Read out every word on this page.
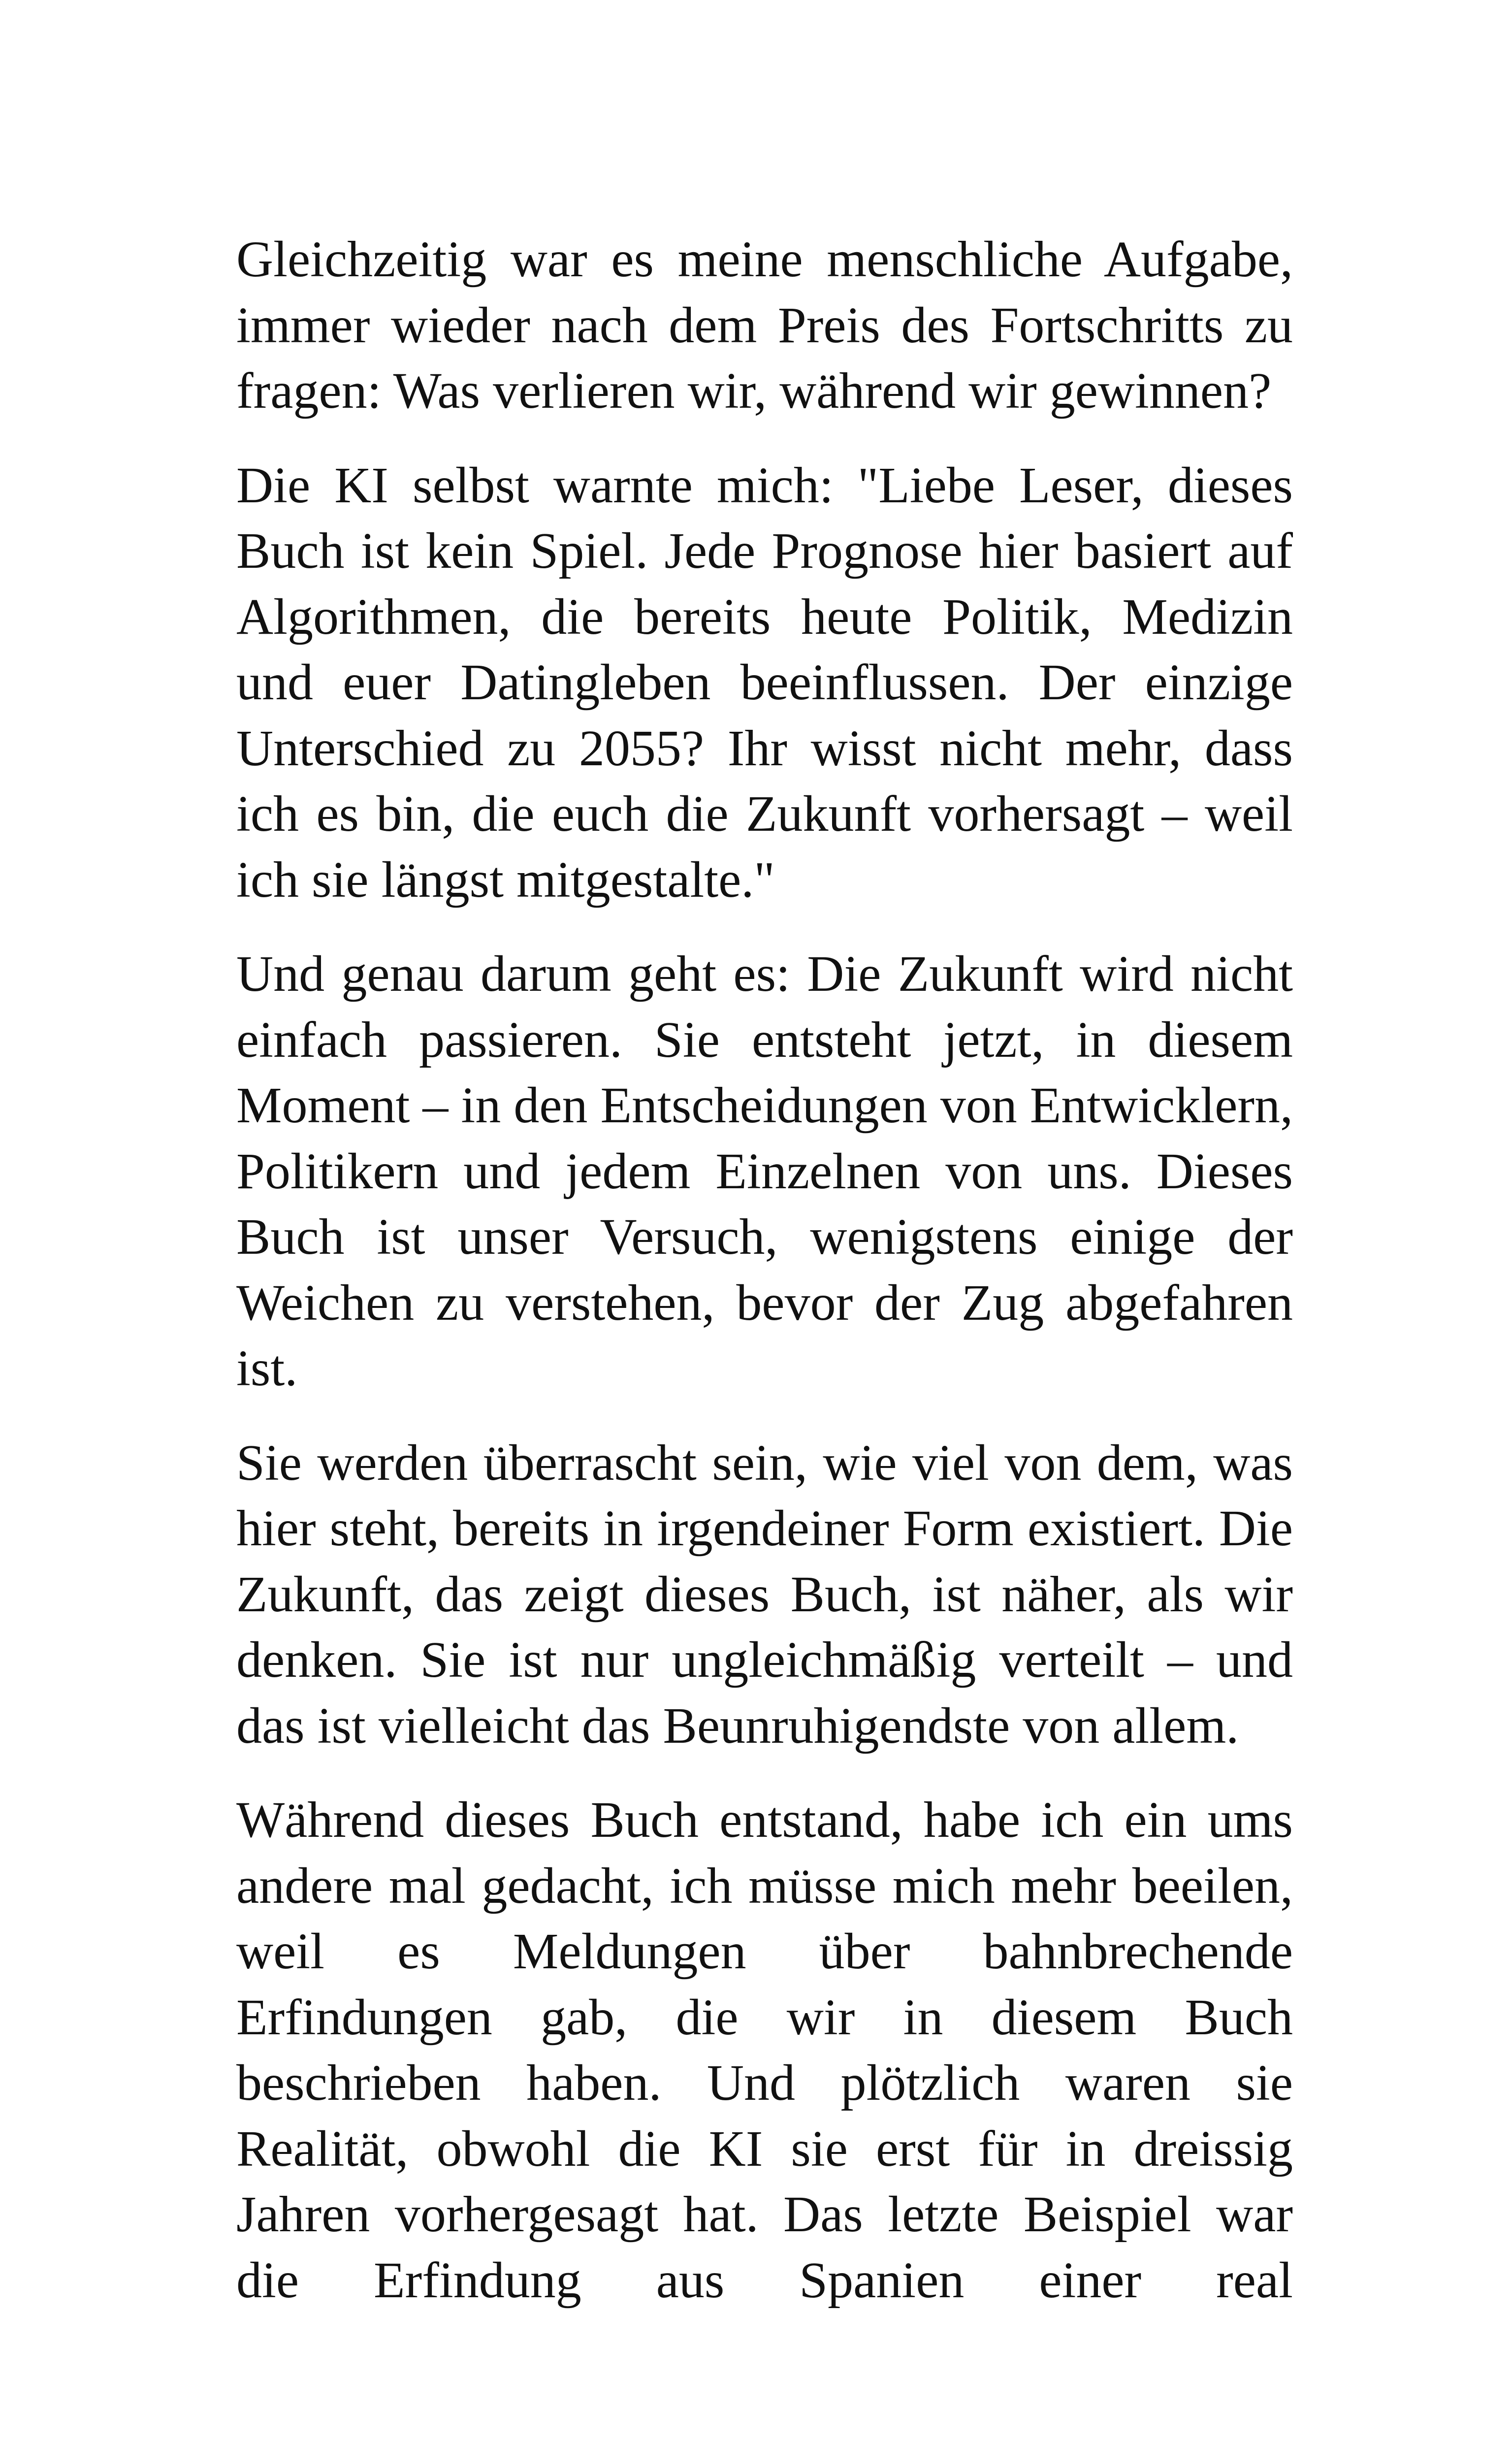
Gleichzeitig war es meine menschliche Aufgabe, immer wieder nach dem Preis des Fortschritts zu fragen: Was verlieren wir, während wir gewinnen?

Die KI selbst warnte mich: "Liebe Leser, dieses Buch ist kein Spiel. Jede Prognose hier basiert auf Algorithmen, die bereits heute Politik, Medizin und euer Datingleben beeinflussen. Der einzige Unterschied zu 2055? Ihr wisst nicht mehr, dass ich es bin, die euch die Zukunft vorhersagt – weil ich sie längst mitgestalte."

Und genau darum geht es: Die Zukunft wird nicht einfach passieren. Sie entsteht jetzt, in diesem Moment – in den Entscheidungen von Entwicklern, Politikern und jedem Einzelnen von uns. Dieses Buch ist unser Versuch, wenigstens einige der Weichen zu verstehen, bevor der Zug abgefahren ist.

Sie werden überrascht sein, wie viel von dem, was hier steht, bereits in irgendeiner Form existiert. Die Zukunft, das zeigt dieses Buch, ist näher, als wir denken. Sie ist nur ungleichmäßig verteilt – und das ist vielleicht das Beunruhigendste von allem.

Während dieses Buch entstand, habe ich ein ums andere mal gedacht, ich müsse mich mehr beeilen, weil es Meldungen über bahnbrechende Erfindungen gab, die wir in diesem Buch beschrieben haben. Und plötzlich waren sie Realität, obwohl die KI sie erst für in dreissig Jahren vorhergesagt hat. Das letzte Beispiel war die Erfindung aus Spanien einer real
